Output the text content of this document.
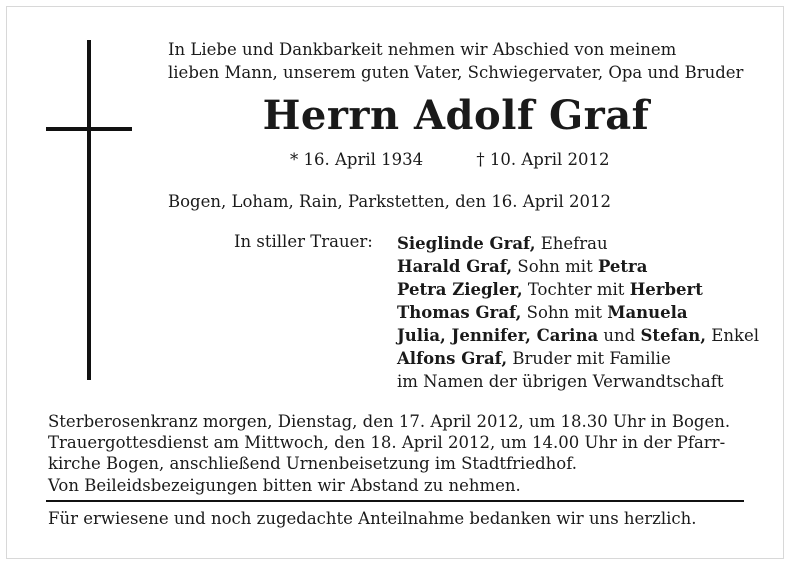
In Liebe und Dankbarkeit nehmen wir Abschied von meinem
lieben Mann, unserem guten Vater, Schwiegervater, Opa und Bruder
Herrn Adolf Graf
* 16. April 1934	† 10. April 2012
Bogen, Loham, Rain, Parkstetten, den 16. April 2012
In stiller Trauer: Sieglinde Graf, Ehefrau
Harald Graf, Sohn mit Petra
Petra Ziegler, Tochter mit Herbert
Thomas Graf, Sohn mit Manuela
Julia, Jennifer, Carina und Stefan, Enkel
Alfons Graf, Bruder mit Familie
im Namen der übrigen Verwandtschaft
Sterberosenkranz morgen, Dienstag, den 17. April 2012, um 18.30 Uhr in Bogen.
Trauergottesdienst am Mittwoch, den 18. April 2012, um 14.00 Uhr in der Pfarr-
kirche Bogen, anschließend Urnenbeisetzung im Stadtfriedhof.
Von Beileidsbezeigungen bitten wir Abstand zu nehmen.
Für erwiesene und noch zugedachte Anteilnahme bedanken wir uns herzlich.
